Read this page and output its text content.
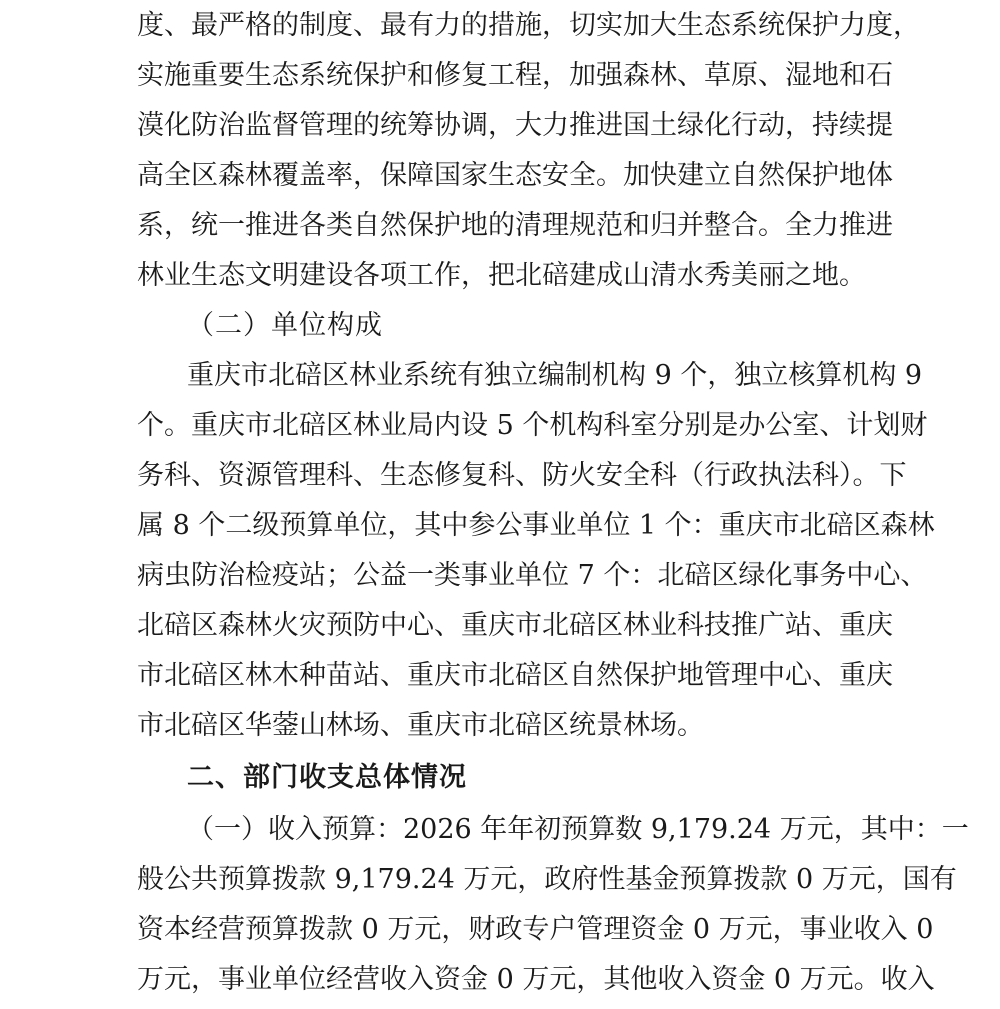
度、最严格的制度、最有力的措施，切实加大生态系统保护力度，
实施重要生态系统保护和修复工程，加强森林、草原、湿地和石
漠化防治监督管理的统筹协调，大力推进国土绿化行动，持续提
高全区森林覆盖率，保障国家生态安全。加快建立自然保护地体
系，统一推进各类自然保护地的清理规范和归并整合。全力推进
林业生态文明建设各项工作，把北碚建成山清水秀美丽之地。
（二）单位构成
重庆市北碚区林业系统有独立编制机构 9 个，独立核算机构 9
个。重庆市北碚区林业局内设 5 个机构科室分别是办公室、计划财
务科、资源管理科、生态修复科、防火安全科（行政执法科）。下
属 8 个二级预算单位，其中参公事业单位 1 个：重庆市北碚区森林
病虫防治检疫站；公益一类事业单位 7 个：北碚区绿化事务中心、
北碚区森林火灾预防中心、重庆市北碚区林业科技推广站、重庆
市北碚区林木种苗站、重庆市北碚区自然保护地管理中心、重庆
市北碚区华蓥山林场、重庆市北碚区统景林场。
二、部门收支总体情况
（一）收入预算：2026 年年初预算数 9,179.24 万元，其中：一
般公共预算拨款 9,179.24 万元，政府性基金预算拨款 0 万元，国有
资本经营预算拨款 0 万元，财政专户管理资金 0 万元，事业收入 0
万元，事业单位经营收入资金 0 万元，其他收入资金 0 万元。收入
